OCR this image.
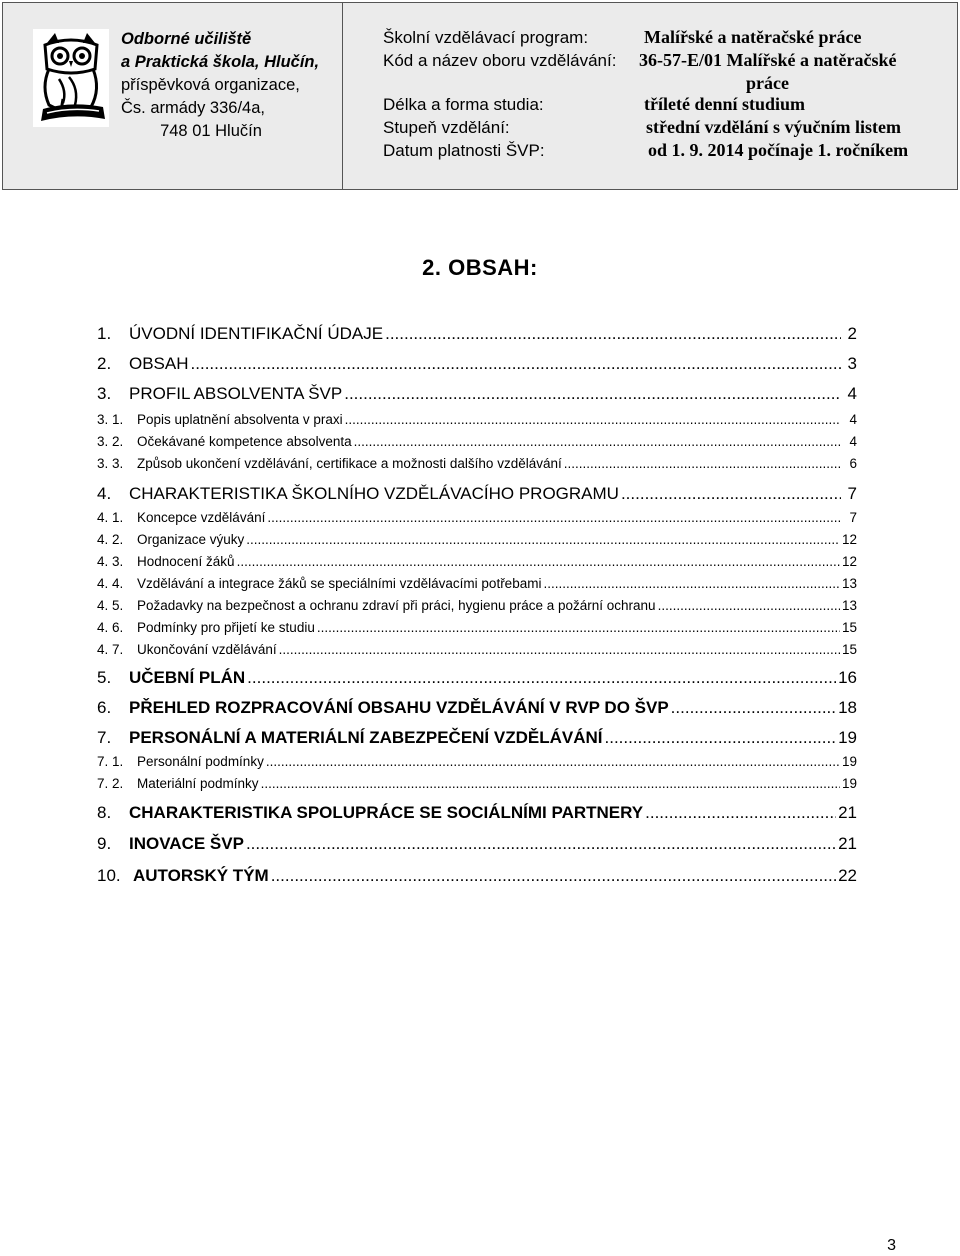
Odborné učiliště
a Praktická škola, Hlučín,
příspěvková organizace,
Čs. armády 336/4a,
748 01 Hlučín
Školní vzdělávací program:	Malířské a natěračské práce
Kód a název oboru vzdělávání: 36-57-E/01 Malířské a natěračské
práce
Délka a forma studia:	tříleté denní studium
Stupeň vzdělání:	střední vzdělání s výučním listem
Datum platnosti ŠVP:	od 1. 9. 2014 počínaje 1. ročníkem
2. OBSAH:
1.	ÚVODNÍ IDENTIFIKAČNÍ ÚDAJE .....	2
2.	OBSAH .....	3
3.	PROFIL ABSOLVENTA ŠVP .....	4
3. 1.	Popis uplatnění absolventa v praxi .....	4
3. 2.	Očekávané kompetence absolventa .....	4
3. 3.	Způsob ukončení vzdělávání, certifikace a možnosti dalšího vzdělávání .....	6
4.	CHARAKTERISTIKA ŠKOLNÍHO VZDĚLÁVACÍHO PROGRAMU .....	7
4. 1.	Koncepce vzdělávání .....	7
4. 2.	Organizace výuky .....	12
4. 3.	Hodnocení žáků .....	12
4. 4.	Vzdělávání a integrace žáků se speciálními vzdělávacími potřebami .....	13
4. 5.	Požadavky na bezpečnost a ochranu zdraví při práci, hygienu práce a požární ochranu .....	13
4. 6.	Podmínky pro přijetí ke studiu .....	15
4. 7.	Ukončování vzdělávání .....	15
5.	UČEBNÍ PLÁN .....	16
6.	PŘEHLED ROZPRACOVÁNÍ OBSAHU VZDĚLÁVÁNÍ V RVP DO ŠVP .....	18
7.	PERSONÁLNÍ A MATERIÁLNÍ ZABEZPEČENÍ VZDĚLÁVÁNÍ .....	19
7. 1.	Personální podmínky .....	19
7. 2.	Materiální podmínky .....	19
8.	CHARAKTERISTIKA SPOLUPRÁCE SE SOCIÁLNÍMI PARTNERY .....	21
9.	INOVACE ŠVP .....	21
10. AUTORSKÝ TÝM .....	22
3
